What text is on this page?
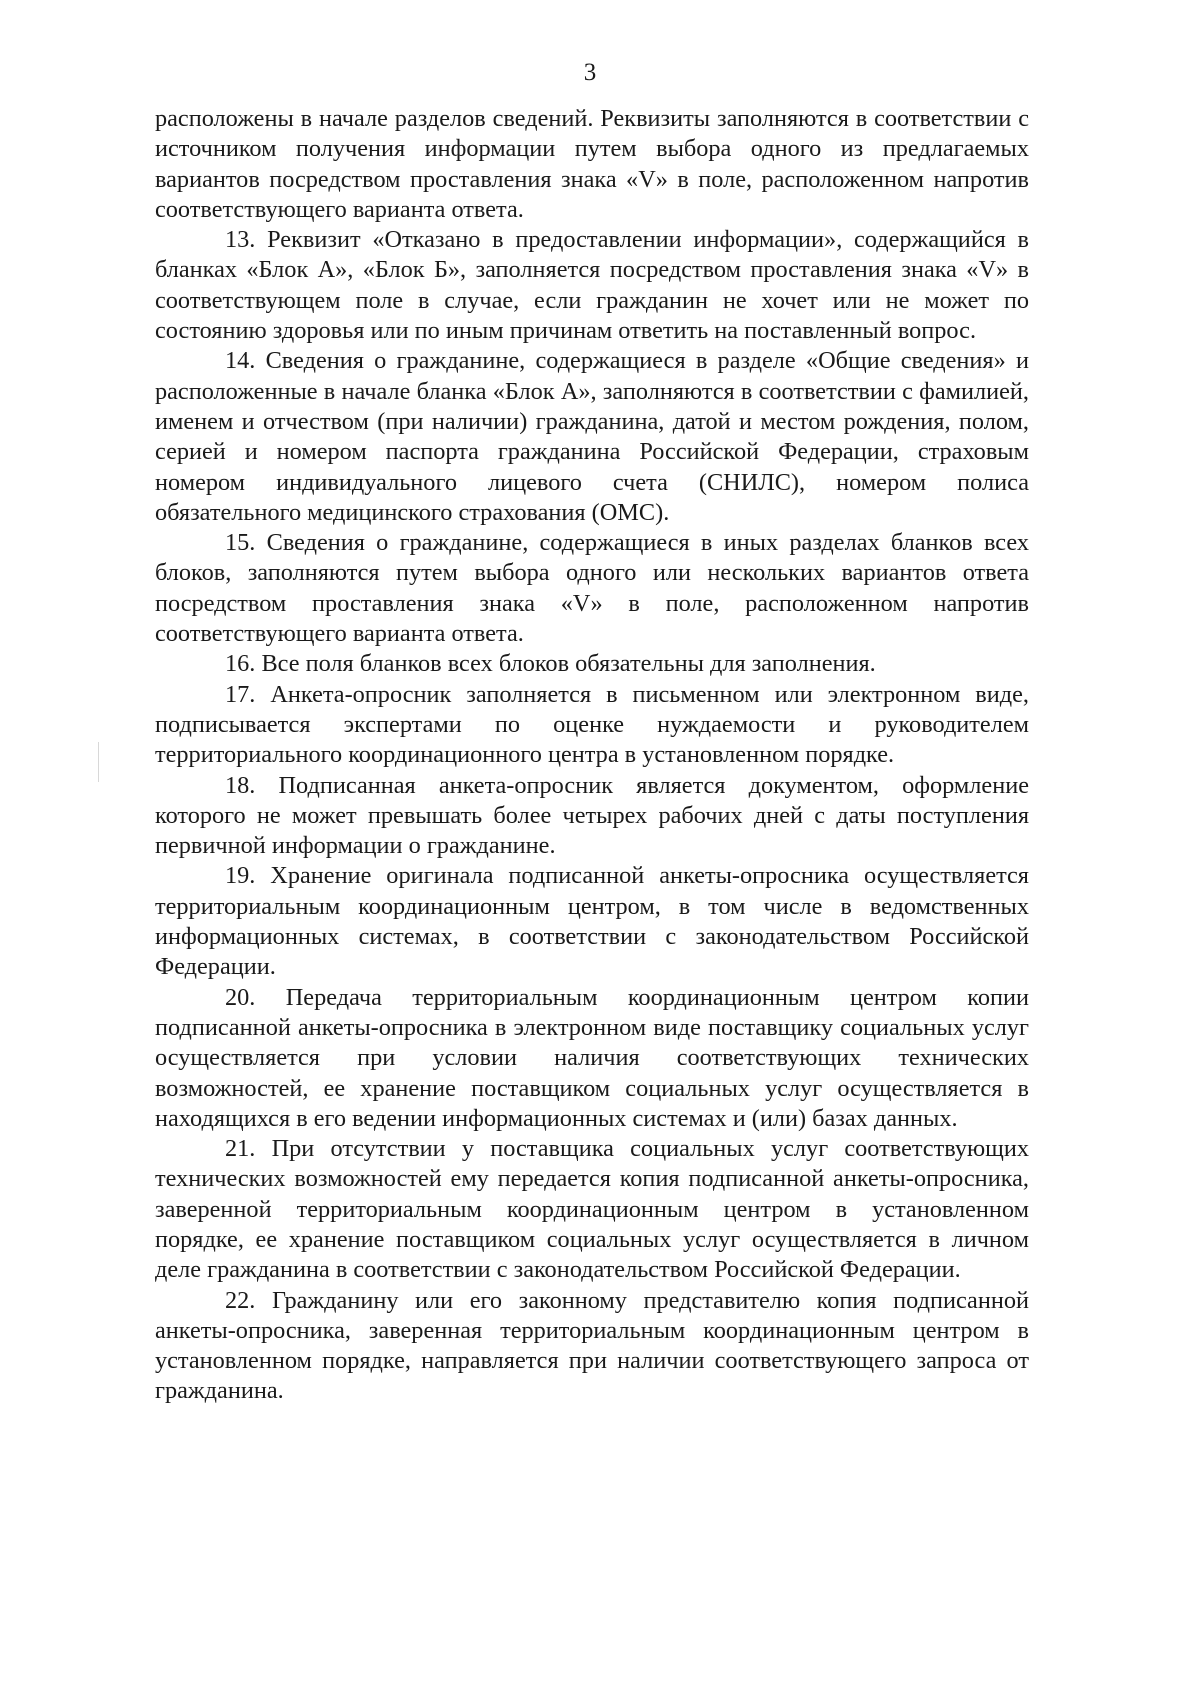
3

расположены в начале разделов сведений. Реквизиты заполняются в соответствии с источником получения информации путем выбора одного из предлагаемых вариантов посредством проставления знака «V» в поле, расположенном напротив соответствующего варианта ответа.

13. Реквизит «Отказано в предоставлении информации», содержащийся в бланках «Блок А», «Блок Б», заполняется посредством проставления знака «V» в соответствующем поле в случае, если гражданин не хочет или не может по состоянию здоровья или по иным причинам ответить на поставленный вопрос.

14. Сведения о гражданине, содержащиеся в разделе «Общие сведения» и расположенные в начале бланка «Блок А», заполняются в соответствии с фамилией, именем и отчеством (при наличии) гражданина, датой и местом рождения, полом, серией и номером паспорта гражданина Российской Федерации, страховым номером индивидуального лицевого счета (СНИЛС), номером полиса обязательного медицинского страхования (ОМС).

15. Сведения о гражданине, содержащиеся в иных разделах бланков всех блоков, заполняются путем выбора одного или нескольких вариантов ответа посредством проставления знака «V» в поле, расположенном напротив соответствующего варианта ответа.

16. Все поля бланков всех блоков обязательны для заполнения.

17. Анкета-опросник заполняется в письменном или электронном виде, подписывается экспертами по оценке нуждаемости и руководителем территориального координационного центра в установленном порядке.

18. Подписанная анкета-опросник является документом, оформление которого не может превышать более четырех рабочих дней с даты поступления первичной информации о гражданине.

19. Хранение оригинала подписанной анкеты-опросника осуществляется территориальным координационным центром, в том числе в ведомственных информационных системах, в соответствии с законодательством Российской Федерации.

20. Передача территориальным координационным центром копии подписанной анкеты-опросника в электронном виде поставщику социальных услуг осуществляется при условии наличия соответствующих технических возможностей, ее хранение поставщиком социальных услуг осуществляется в находящихся в его ведении информационных системах и (или) базах данных.

21. При отсутствии у поставщика социальных услуг соответствующих технических возможностей ему передается копия подписанной анкеты-опросника, заверенной территориальным координационным центром в установленном порядке, ее хранение поставщиком социальных услуг осуществляется в личном деле гражданина в соответствии с законодательством Российской Федерации.

22. Гражданину или его законному представителю копия подписанной анкеты-опросника, заверенная территориальным координационным центром в установленном порядке, направляется при наличии соответствующего запроса от гражданина.
